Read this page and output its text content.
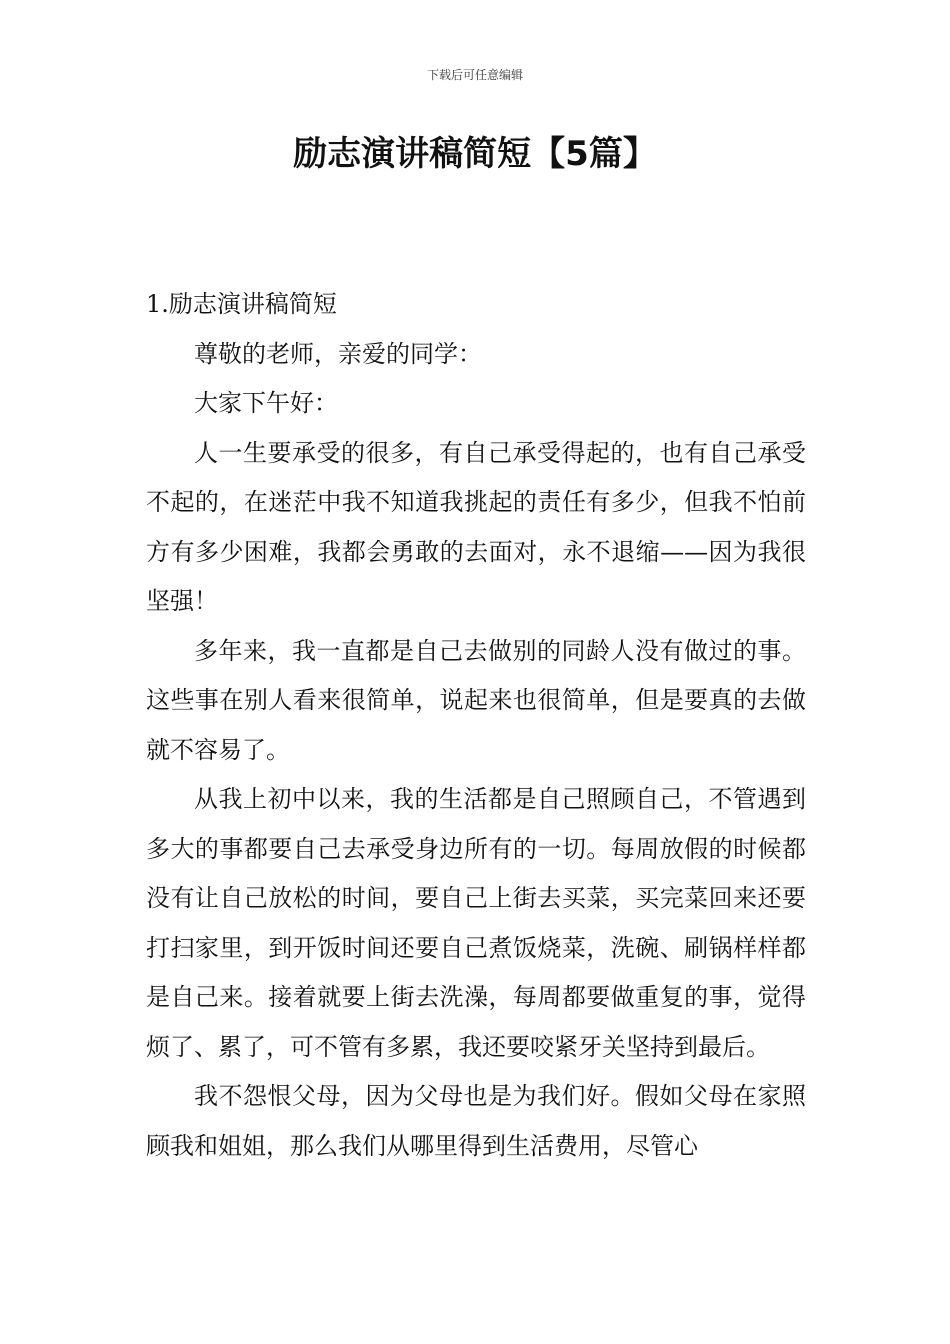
下载后可任意编辑
励志演讲稿简短【5篇】

1.励志演讲稿简短

尊敬的老师，亲爱的同学：

大家下午好：

人一生要承受的很多，有自己承受得起的，也有自己承受不起的，在迷茫中我不知道我挑起的责任有多少，但我不怕前方有多少困难，我都会勇敢的去面对，永不退缩——因为我很坚强！

多年来，我一直都是自己去做别的同龄人没有做过的事。这些事在别人看来很简单，说起来也很简单，但是要真的去做就不容易了。

从我上初中以来，我的生活都是自己照顾自己，不管遇到多大的事都要自己去承受身边所有的一切。每周放假的时候都没有让自己放松的时间，要自己上街去买菜，买完菜回来还要打扫家里，到开饭时间还要自己煮饭烧菜，洗碗、刷锅样样都是自己来。接着就要上街去洗澡，每周都要做重复的事，觉得烦了、累了，可不管有多累，我还要咬紧牙关坚持到最后。

我不怨恨父母，因为父母也是为我们好。假如父母在家照顾我和姐姐，那么我们从哪里得到生活费用，尽管心
